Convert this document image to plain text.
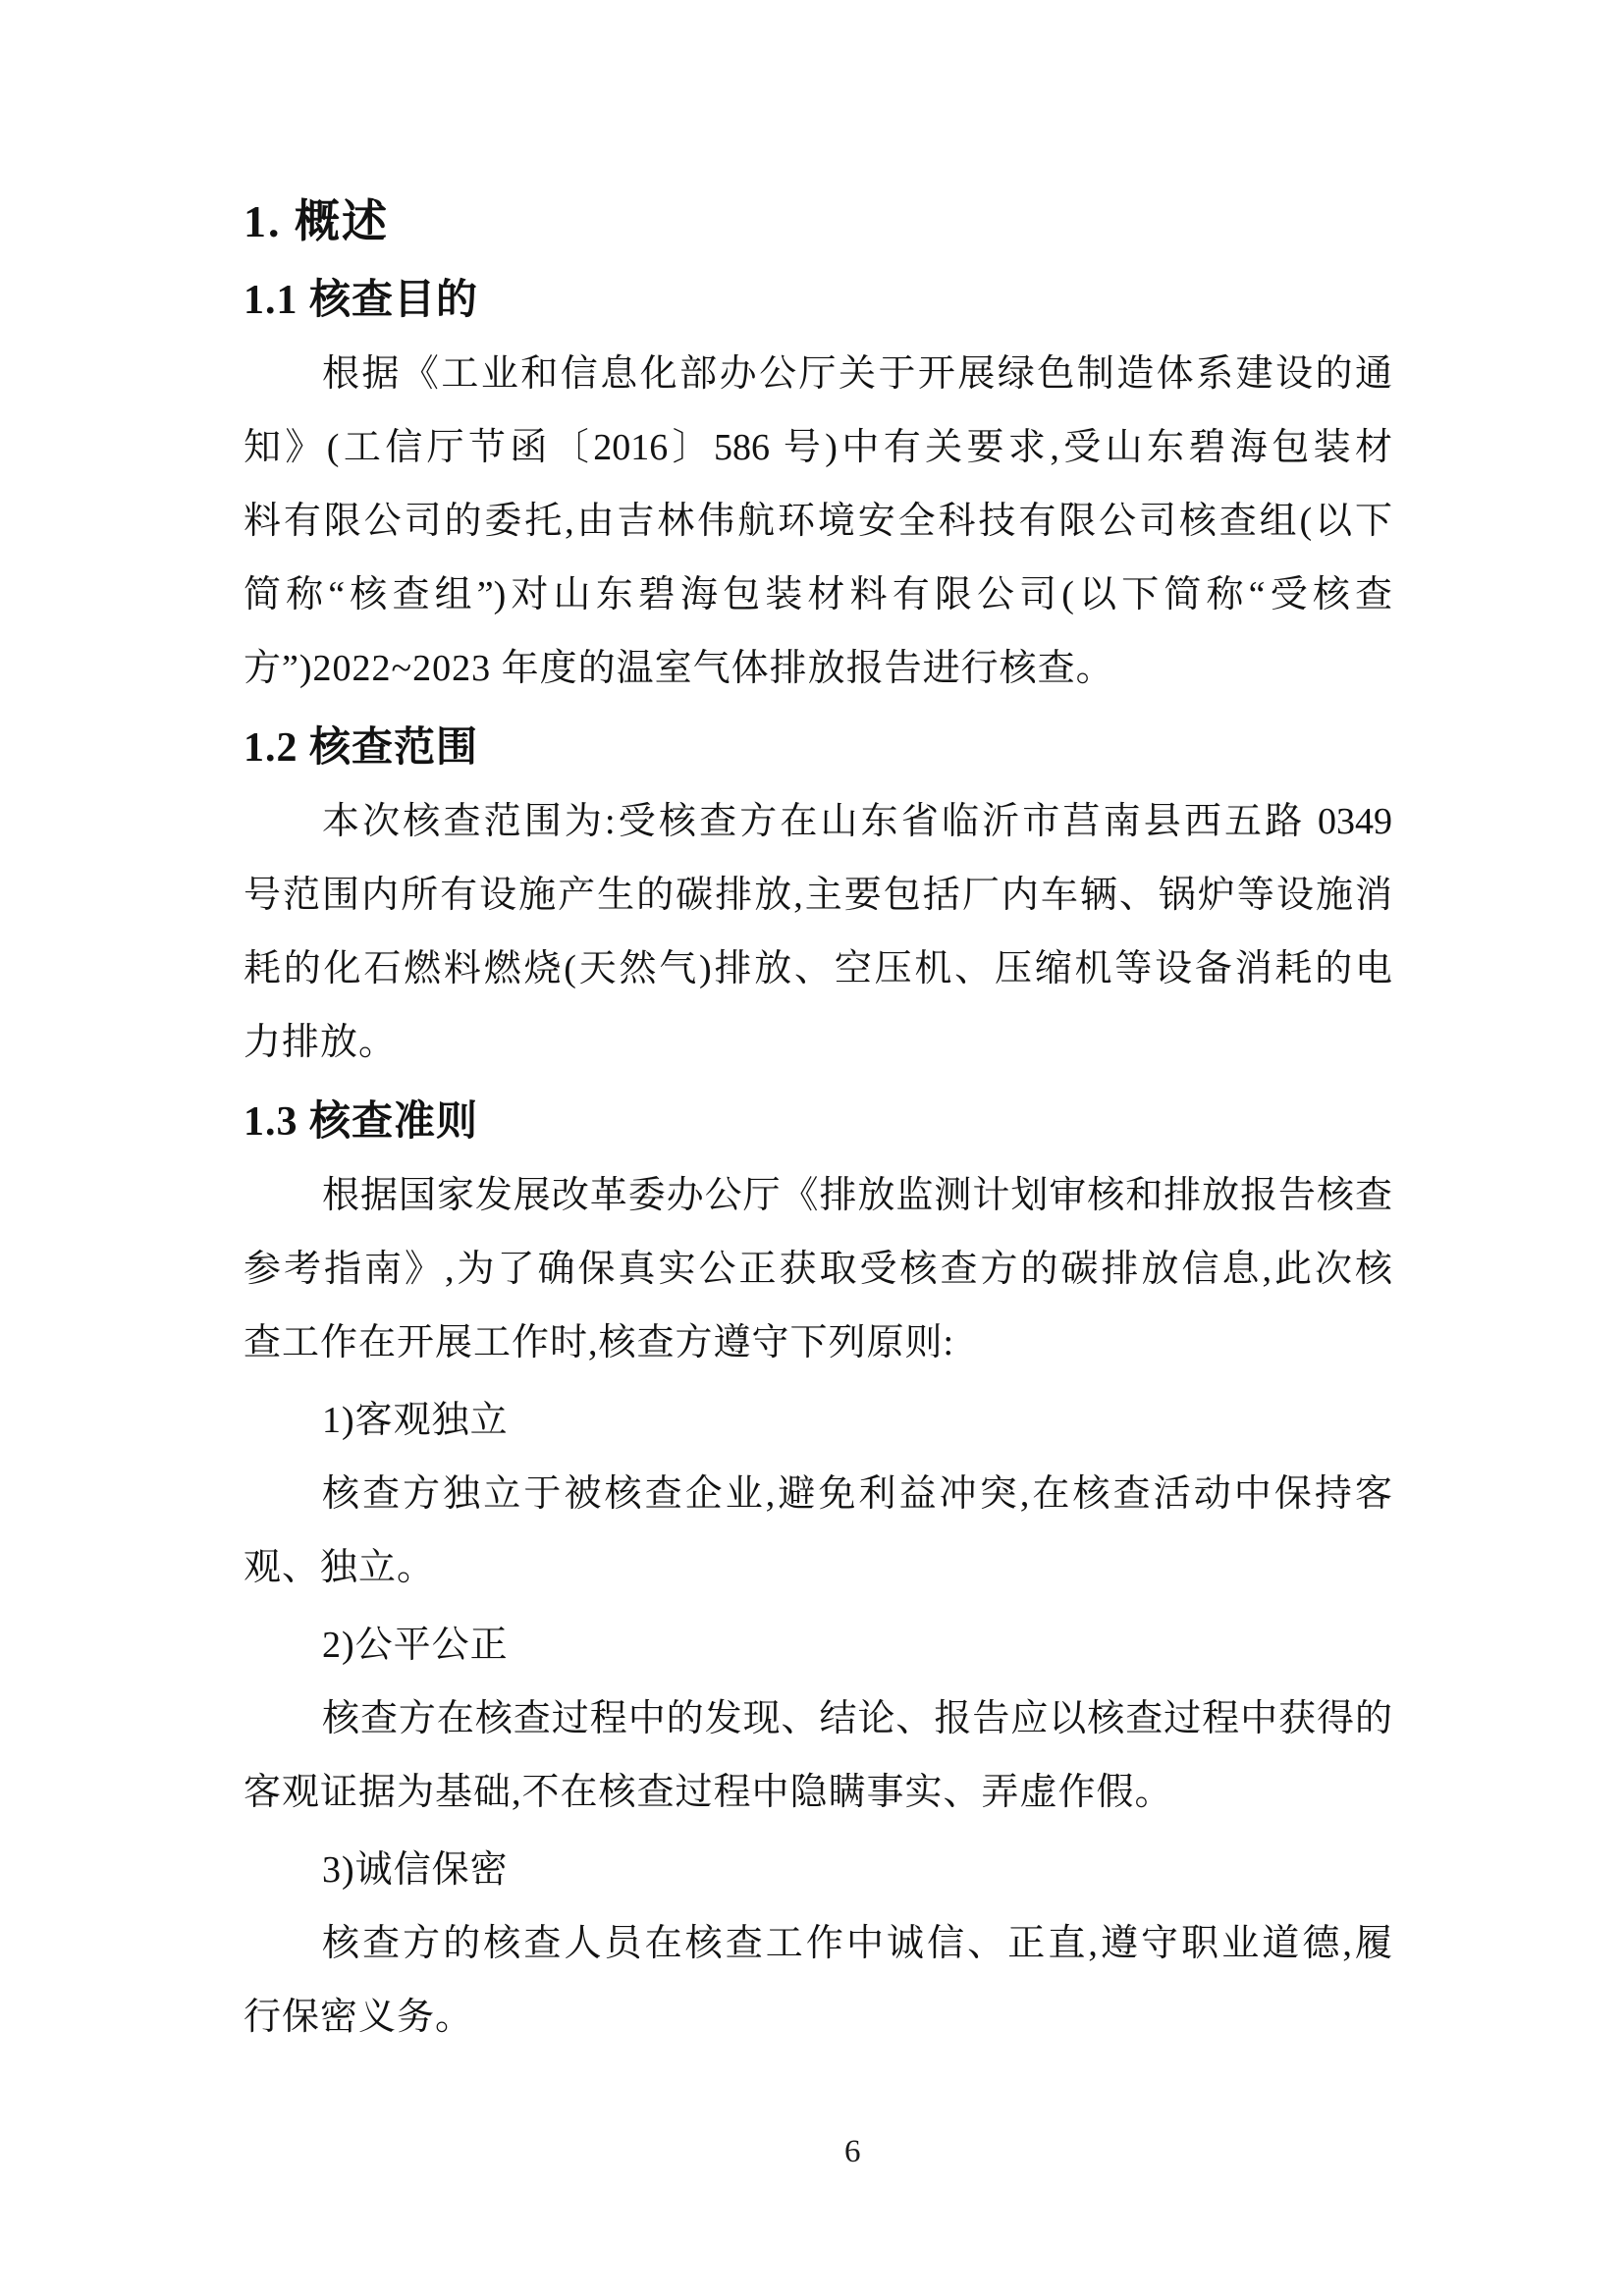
1. 概述
1.1 核查目的
根据《工业和信息化部办公厅关于开展绿色制造体系建设的通
知》(工信厅节函〔2016〕586 号)中有关要求,受山东碧海包装材
料有限公司的委托,由吉林伟航环境安全科技有限公司核查组(以下
简称“核查组”)对山东碧海包装材料有限公司(以下简称“受核查
方”)2022~2023 年度的温室气体排放报告进行核查。
1.2 核查范围
本次核查范围为:受核查方在山东省临沂市莒南县西五路 0349
号范围内所有设施产生的碳排放,主要包括厂内车辆、锅炉等设施消
耗的化石燃料燃烧(天然气)排放、空压机、压缩机等设备消耗的电
力排放。
1.3 核查准则
根据国家发展改革委办公厅《排放监测计划审核和排放报告核查
参考指南》,为了确保真实公正获取受核查方的碳排放信息,此次核
查工作在开展工作时,核查方遵守下列原则:
1)客观独立
核查方独立于被核查企业,避免利益冲突,在核查活动中保持客
观、独立。
2)公平公正
核查方在核查过程中的发现、结论、报告应以核查过程中获得的
客观证据为基础,不在核查过程中隐瞒事实、弄虚作假。
3)诚信保密
核查方的核查人员在核查工作中诚信、正直,遵守职业道德,履
行保密义务。
6
